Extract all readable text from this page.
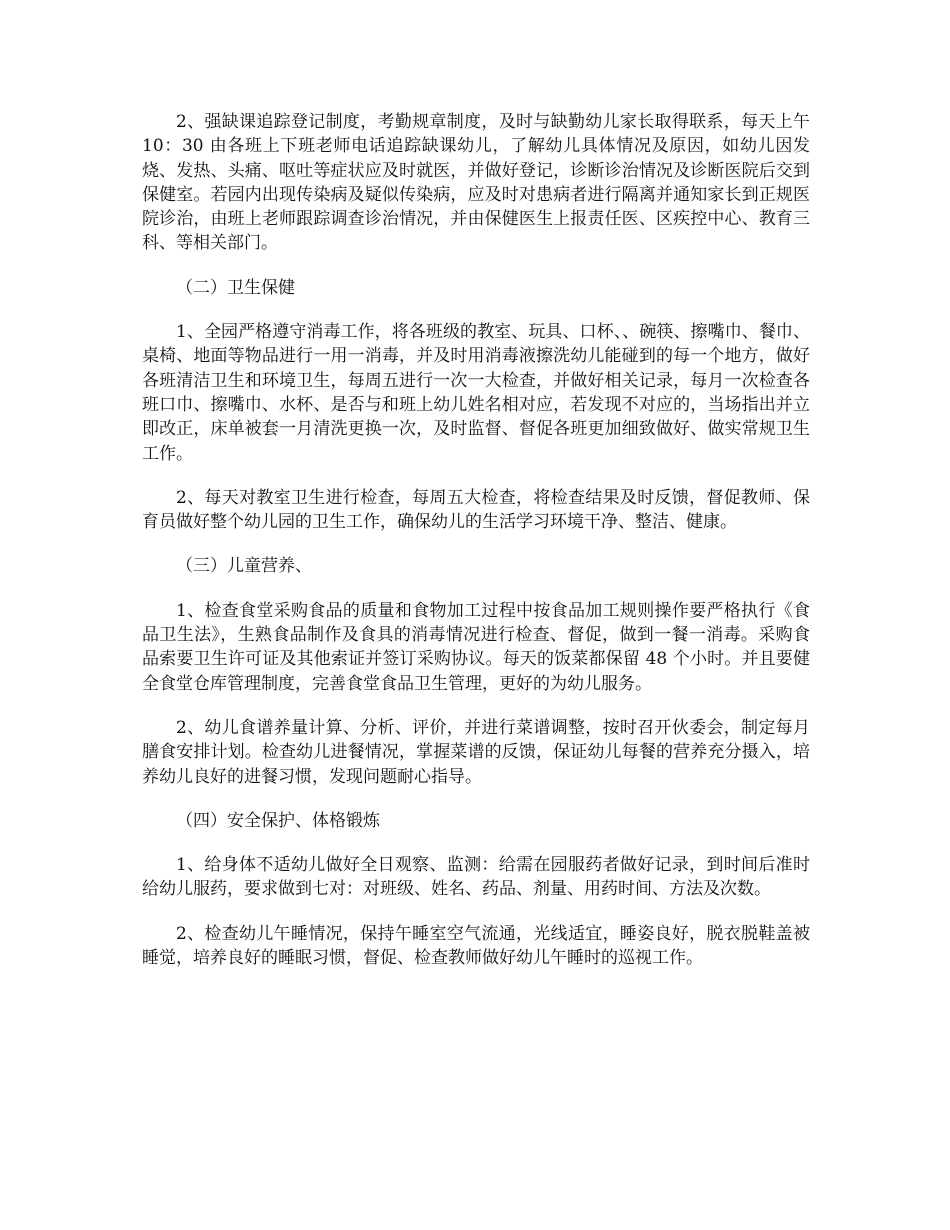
2、强缺课追踪登记制度，考勤规章制度，及时与缺勤幼儿家长取得联系，每天上午 10：30 由各班上下班老师电话追踪缺课幼儿，了解幼儿具体情况及原因，如幼儿因发烧、发热、头痛、呕吐等症状应及时就医，并做好登记，诊断诊治情况及诊断医院后交到保健室。若园内出现传染病及疑似传染病，应及时对患病者进行隔离并通知家长到正规医院诊治，由班上老师跟踪调查诊治情况，并由保健医生上报责任医、区疾控中心、教育三科、等相关部门。

（二）卫生保健

1、全园严格遵守消毒工作，将各班级的教室、玩具、口杯、、碗筷、擦嘴巾、餐巾、桌椅、地面等物品进行一用一消毒，并及时用消毒液擦洗幼儿能碰到的每一个地方，做好各班清洁卫生和环境卫生，每周五进行一次一大检查，并做好相关记录，每月一次检查各班口巾、擦嘴巾、水杯、是否与和班上幼儿姓名相对应，若发现不对应的，当场指出并立即改正，床单被套一月清洗更换一次，及时监督、督促各班更加细致做好、做实常规卫生工作。

2、每天对教室卫生进行检查，每周五大检查，将检查结果及时反馈，督促教师、保育员做好整个幼儿园的卫生工作，确保幼儿的生活学习环境干净、整洁、健康。

（三）儿童营养、

1、检查食堂采购食品的质量和食物加工过程中按食品加工规则操作要严格执行《食品卫生法》，生熟食品制作及食具的消毒情况进行检查、督促，做到一餐一消毒。采购食品索要卫生许可证及其他索证并签订采购协议。每天的饭菜都保留 48 个小时。并且要健全食堂仓库管理制度，完善食堂食品卫生管理，更好的为幼儿服务。

2、幼儿食谱养量计算、分析、评价，并进行菜谱调整，按时召开伙委会，制定每月膳食安排计划。检查幼儿进餐情况，掌握菜谱的反馈，保证幼儿每餐的营养充分摄入，培养幼儿良好的进餐习惯，发现问题耐心指导。

（四）安全保护、体格锻炼

1、给身体不适幼儿做好全日观察、监测：给需在园服药者做好记录，到时间后准时给幼儿服药，要求做到七对：对班级、姓名、药品、剂量、用药时间、方法及次数。

2、检查幼儿午睡情况，保持午睡室空气流通，光线适宜，睡姿良好，脱衣脱鞋盖被睡觉，培养良好的睡眠习惯，督促、检查教师做好幼儿午睡时的巡视工作。
